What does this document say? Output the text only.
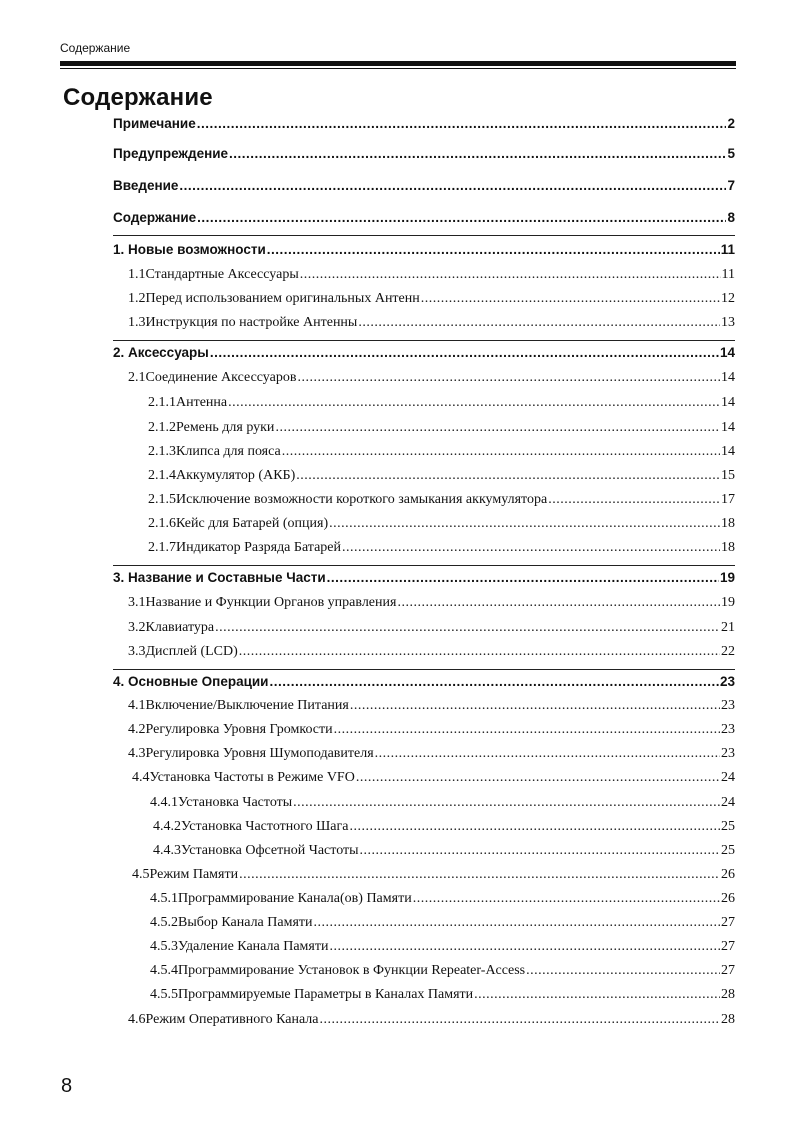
Содержание
Содержание
Примечание .....	2
Предупреждение .....	5
Введение .....	7
Содержание .....	8
1. Новые возможности .....	11
1.1 Стандартные Аксессуары .....	11
1.2 Перед использованием оригинальных Антенн .....	12
1.3 Инструкция по настройке Антенны .....	13
2. Аксессуары .....	14
2.1 Соединение Аксессуаров .....	14
2.1.1 Антенна .....	14
2.1.2 Ремень для руки .....	14
2.1.3 Клипса для пояса .....	14
2.1.4 Аккумулятор (АКБ) .....	15
2.1.5 Исключение возможности короткого замыкания аккумулятора .....	17
2.1.6 Кейс для Батарей (опция) .....	18
2.1.7 Индикатор Разряда Батарей .....	18
3. Название и Составные Части .....	19
3.1 Название и Функции Органов управления .....	19
3.2 Клавиатура .....	21
3.3 Дисплей (LCD) .....	22
4. Основные Операции .....	23
4.1 Включение/Выключение Питания .....	23
4.2 Регулировка Уровня Громкости .....	23
4.3 Регулировка Уровня Шумоподавителя .....	23
4.4 Установка Частоты в Режиме VFO .....	24
4.4.1 Установка Частоты .....	24
4.4.2 Установка Частотного Шага .....	25
4.4.3 Установка Офсетной Частоты .....	25
4.5 Режим Памяти .....	26
4.5.1 Программирование Канала(ов) Памяти .....	26
4.5.2 Выбор Канала Памяти .....	27
4.5.3 Удаление Канала Памяти .....	27
4.5.4 Программирование Установок в Функции Repeater-Access .....	27
4.5.5 Программируемые Параметры в Каналах Памяти .....	28
4.6 Режим Оперативного Канала .....	28
8
